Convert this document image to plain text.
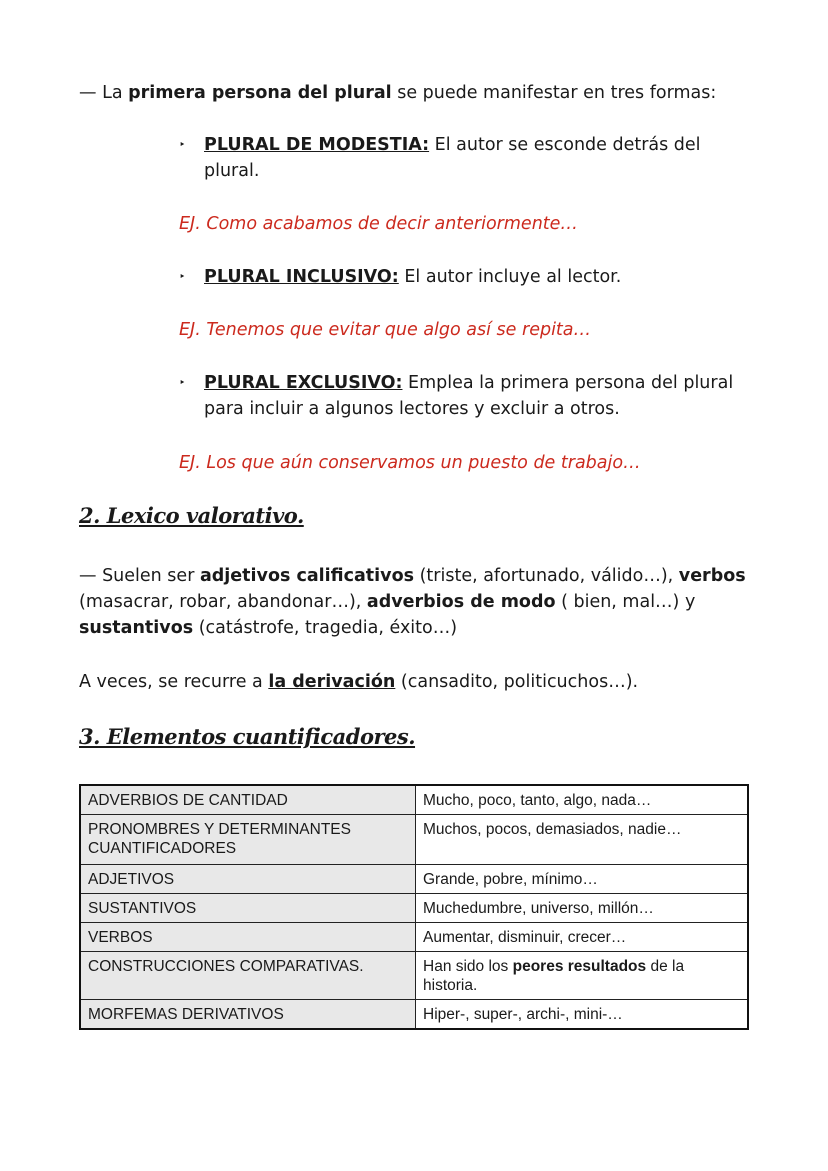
— La primera persona del plural se puede manifestar en tres formas:
‣ PLURAL DE MODESTIA: El autor se esconde detrás del
plural.
EJ. Como acabamos de decir anteriormente…
‣ PLURAL INCLUSIVO: El autor incluye al lector.
EJ. Tenemos que evitar que algo así se repita…
‣ PLURAL EXCLUSIVO: Emplea la primera persona del plural
para incluir a algunos lectores y excluir a otros.
EJ. Los que aún conservamos un puesto de trabajo…
2. Lexico valorativo.
— Suelen ser adjetivos calificativos (triste, afortunado, válido…), verbos
(masacrar, robar, abandonar…), adverbios de modo ( bien, mal…) y
sustantivos (catástrofe, tragedia, éxito…)
A veces, se recurre a la derivación (cansadito, politicuchos…).
3. Elementos cuantificadores.
ADVERBIOS DE CANTIDAD	Mucho, poco, tanto, algo, nada…
PRONOMBRES Y DETERMINANTES CUANTIFICADORES	Muchos, pocos, demasiados, nadie…
ADJETIVOS	Grande, pobre, mínimo…
SUSTANTIVOS	Muchedumbre, universo, millón…
VERBOS	Aumentar, disminuir, crecer…
CONSTRUCCIONES COMPARATIVAS.	Han sido los peores resultados de la historia.
MORFEMAS DERIVATIVOS	Hiper-, super-, archi-, mini-…
